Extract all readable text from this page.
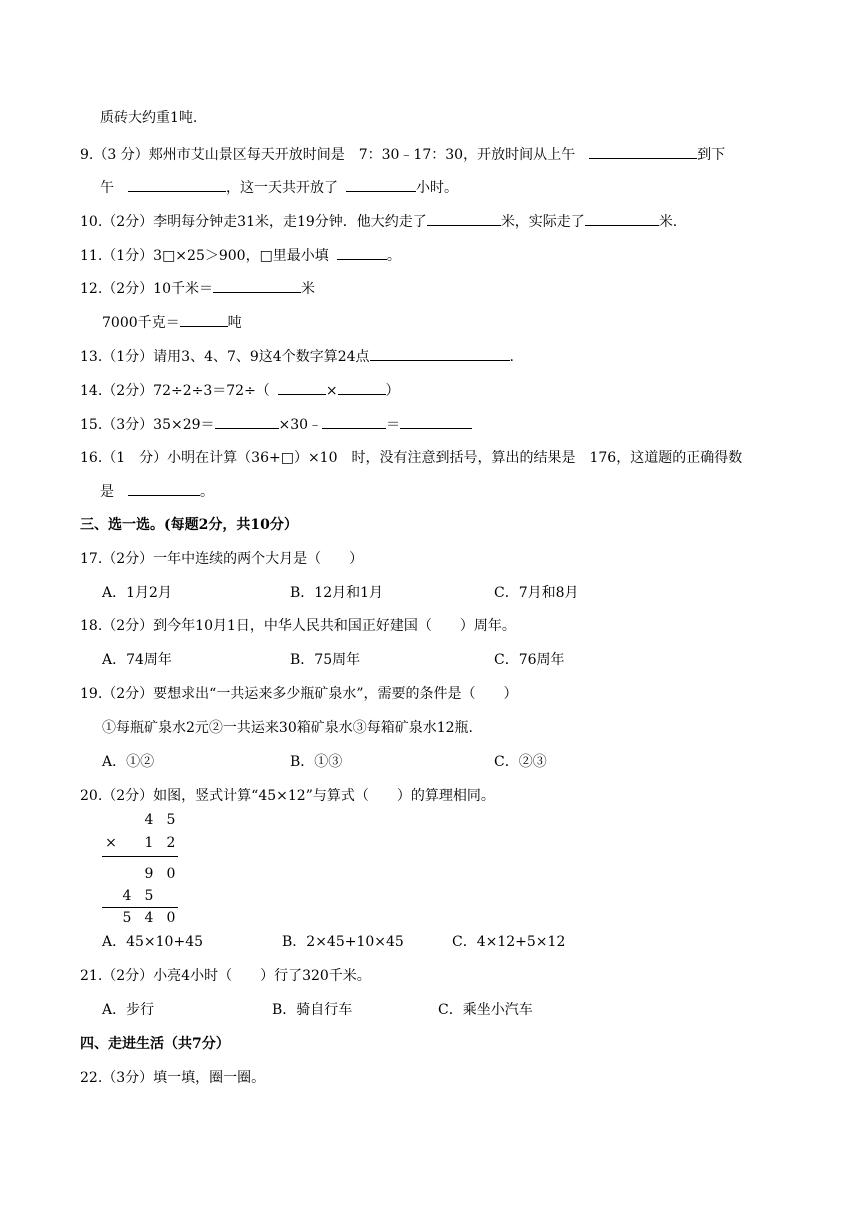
质砖大约重1吨.
9.（3 分）郏州市艾山景区每天开放时间是　7：30﹣17：30，开放时间从上午	到下
午	，这一天共开放了	小时。
10.（2分）李明每分钟走31米，走19分钟．他大约走了	米，实际走了	米.
11.（1分）3□×25＞900，□里最小填	。
12.（2分）10千米＝	米
7000千克＝	吨
13.（1分）请用3、4、7、9这4个数字算24点	.
14.（2分）72÷2÷3＝72÷（	×	）
15.（3分）35×29＝	×30﹣	＝
16.（1　分）小明在计算（36+□）×10　时，没有注意到括号，算出的结果是　176，这道题的正确得数
是	。
三、选一选。(每题2分，共10分）
17.（2分）一年中连续的两个大月是（　　）
A．1月2月	B．12月和1月	C．7月和8月
18.（2分）到今年10月1日，中华人民共和国正好建国（　　）周年。
A．74周年	B．75周年	C．76周年
19.（2分）要想求出“一共运来多少瓶矿泉水”，需要的条件是（　　）
①每瓶矿泉水2元②一共运来30箱矿泉水③每箱矿泉水12瓶.
A．①②	B．①③	C．②③
20.（2分）如图，竖式计算“45×12”与算式（　　）的算理相同。
4 5
×	1 2
9 0
4 5
5 4 0
A．45×10+45	B．2×45+10×45	C．4×12+5×12
21.（2分）小亮4小时（　　）行了320千米。
A．步行	B．骑自行车	C．乘坐小汽车
四、走进生活（共7分）
22.（3分）填一填，圈一圈。
